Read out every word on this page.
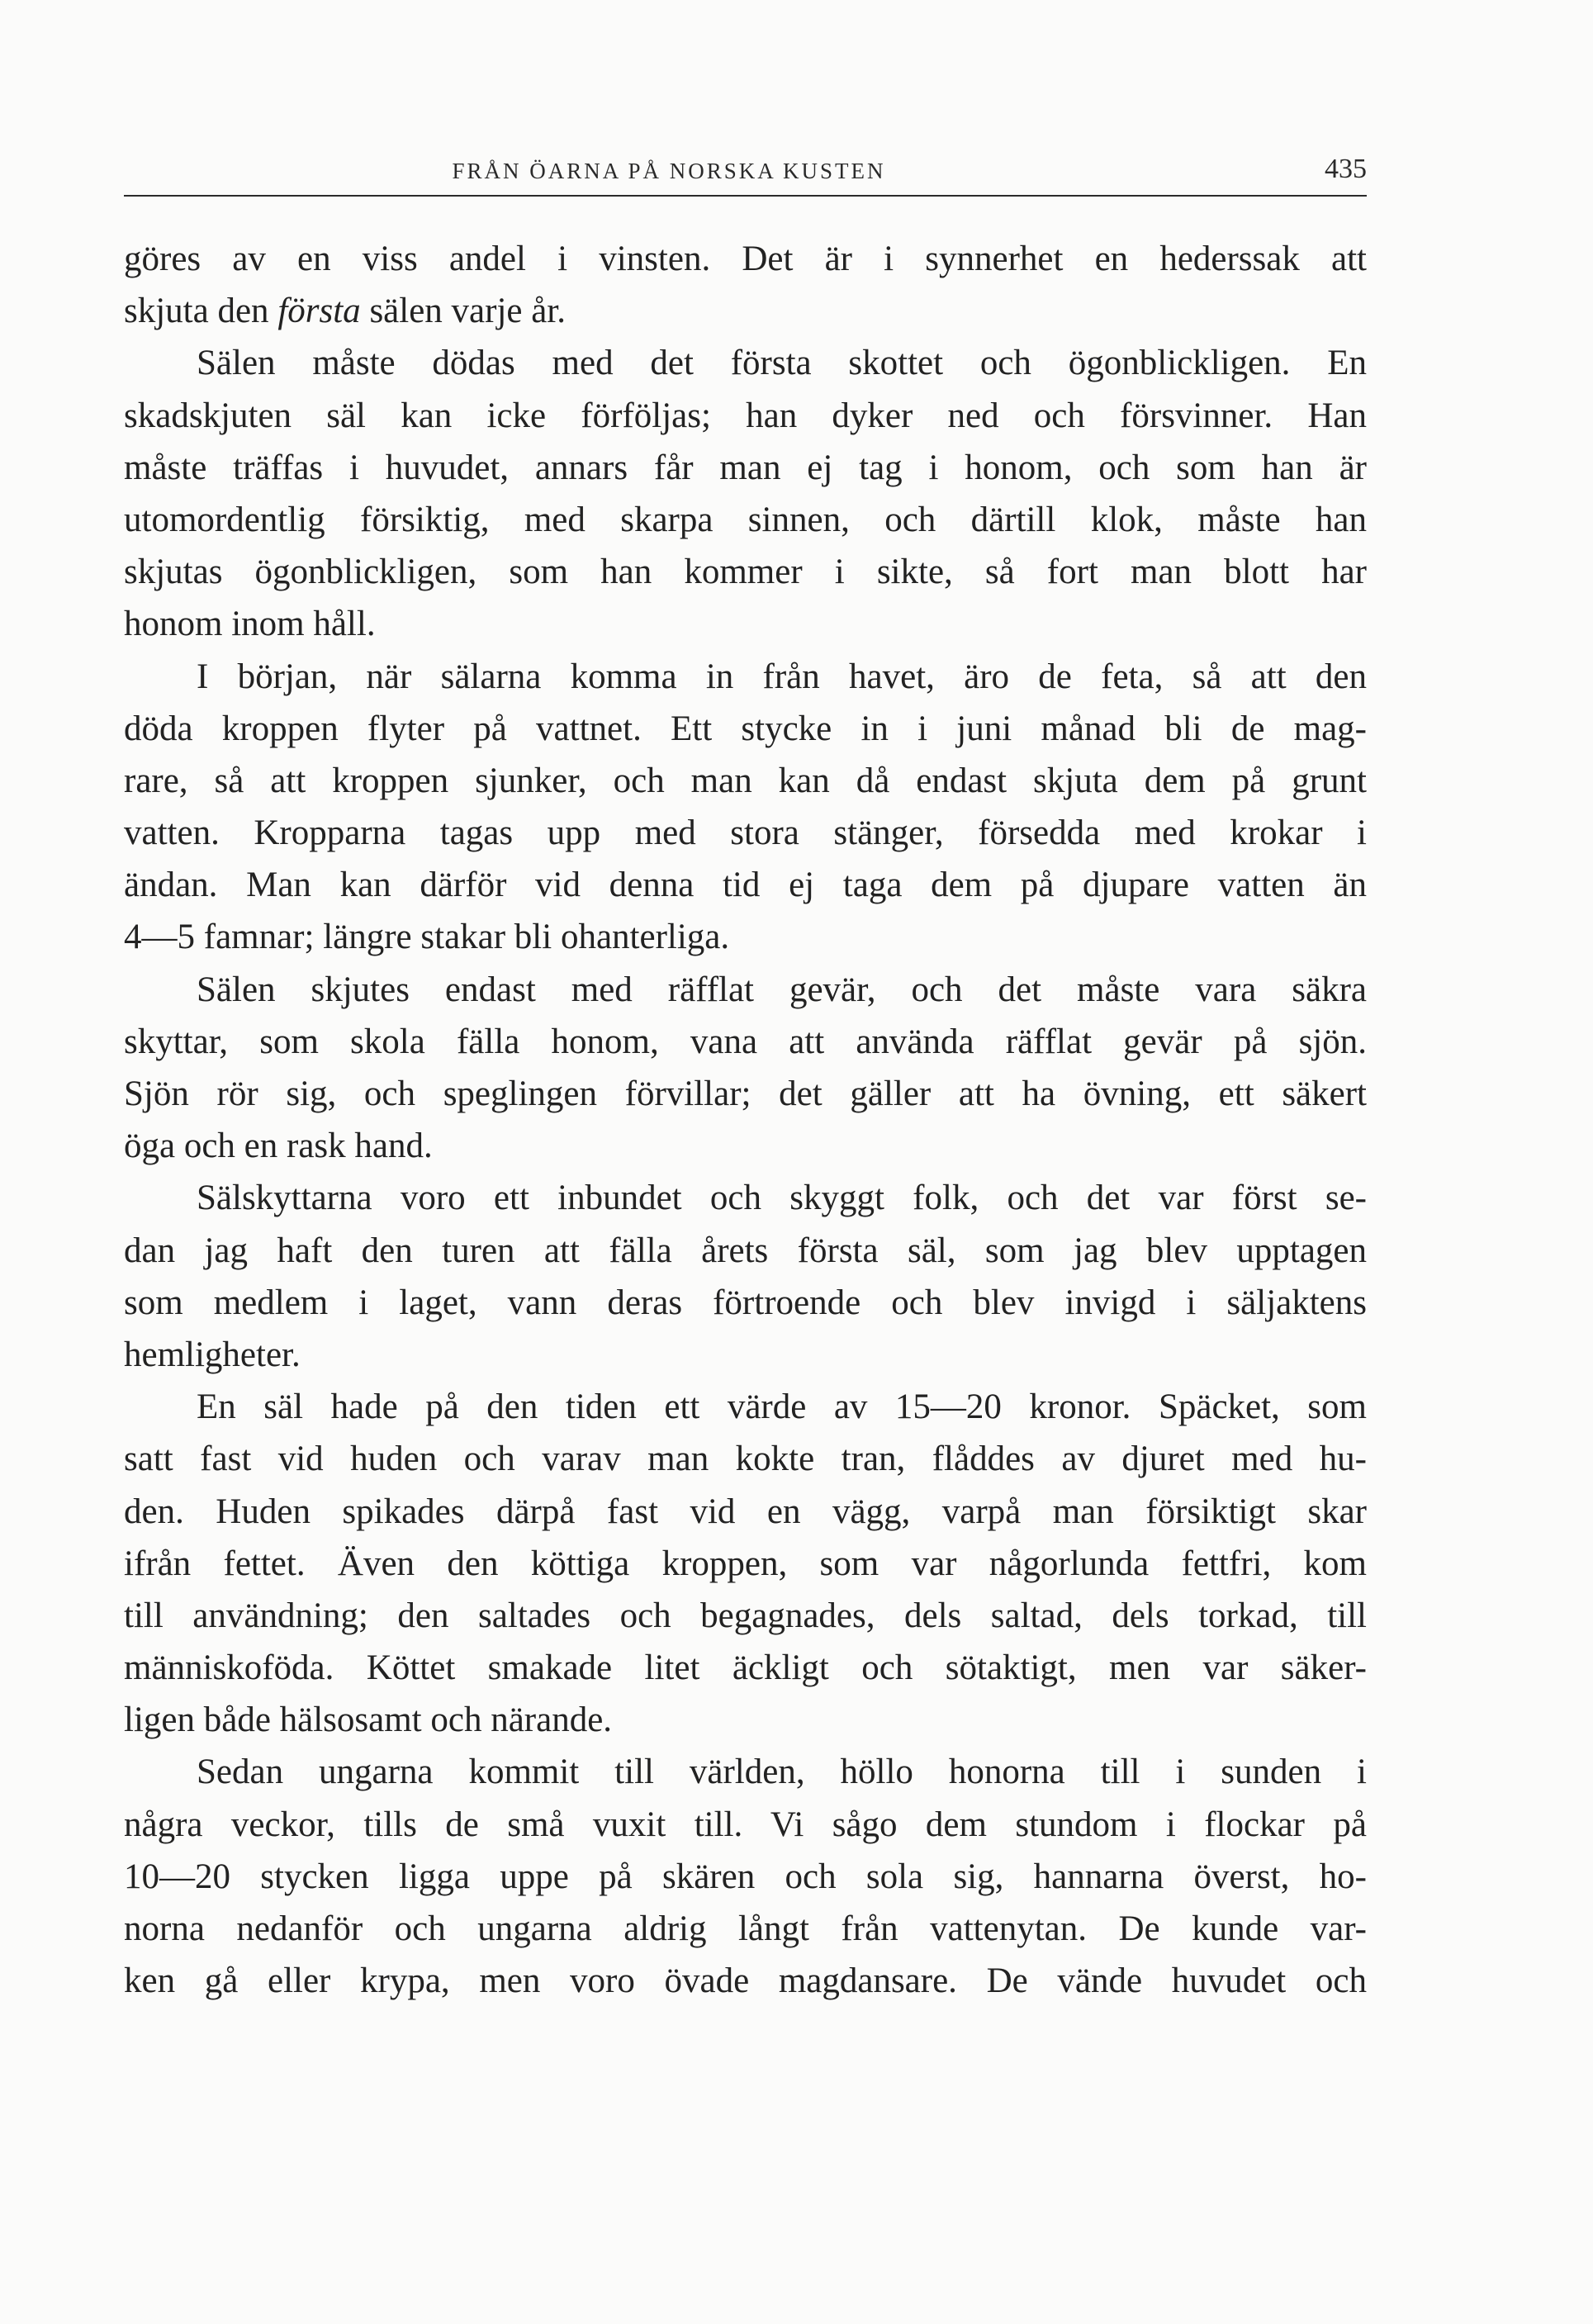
FRÅN ÖARNA PÅ NORSKA KUSTEN	435
göres av en viss andel i vinsten. Det är i synnerhet en hederssak att
skjuta den första sälen varje år.
Sälen måste dödas med det första skottet och ögonblickligen. En
skadskjuten säl kan icke förföljas; han dyker ned och försvinner. Han
måste träffas i huvudet, annars får man ej tag i honom, och som han är
utomordentlig försiktig, med skarpa sinnen, och därtill klok, måste han
skjutas ögonblickligen, som han kommer i sikte, så fort man blott har
honom inom håll.
I början, när sälarna komma in från havet, äro de feta, så att den
döda kroppen flyter på vattnet. Ett stycke in i juni månad bli de mag-
rare, så att kroppen sjunker, och man kan då endast skjuta dem på grunt
vatten. Kropparna tagas upp med stora stänger, försedda med krokar i
ändan. Man kan därför vid denna tid ej taga dem på djupare vatten än
4—5 famnar; längre stakar bli ohanterliga.
Sälen skjutes endast med räfflat gevär, och det måste vara säkra
skyttar, som skola fälla honom, vana att använda räfflat gevär på sjön.
Sjön rör sig, och speglingen förvillar; det gäller att ha övning, ett säkert
öga och en rask hand.
Sälskyttarna voro ett inbundet och skyggt folk, och det var först se-
dan jag haft den turen att fälla årets första säl, som jag blev upptagen
som medlem i laget, vann deras förtroende och blev invigd i säljaktens
hemligheter.
En säl hade på den tiden ett värde av 15—20 kronor. Späcket, som
satt fast vid huden och varav man kokte tran, flåddes av djuret med hu-
den. Huden spikades därpå fast vid en vägg, varpå man försiktigt skar
ifrån fettet. Även den köttiga kroppen, som var någorlunda fettfri, kom
till användning; den saltades och begagnades, dels saltad, dels torkad, till
människoföda. Köttet smakade litet äckligt och sötaktigt, men var säker-
ligen både hälsosamt och närande.
Sedan ungarna kommit till världen, höllo honorna till i sunden i
några veckor, tills de små vuxit till. Vi sågo dem stundom i flockar på
10—20 stycken ligga uppe på skären och sola sig, hannarna överst, ho-
norna nedanför och ungarna aldrig långt från vattenytan. De kunde var-
ken gå eller krypa, men voro övade magdansare. De vände huvudet och
